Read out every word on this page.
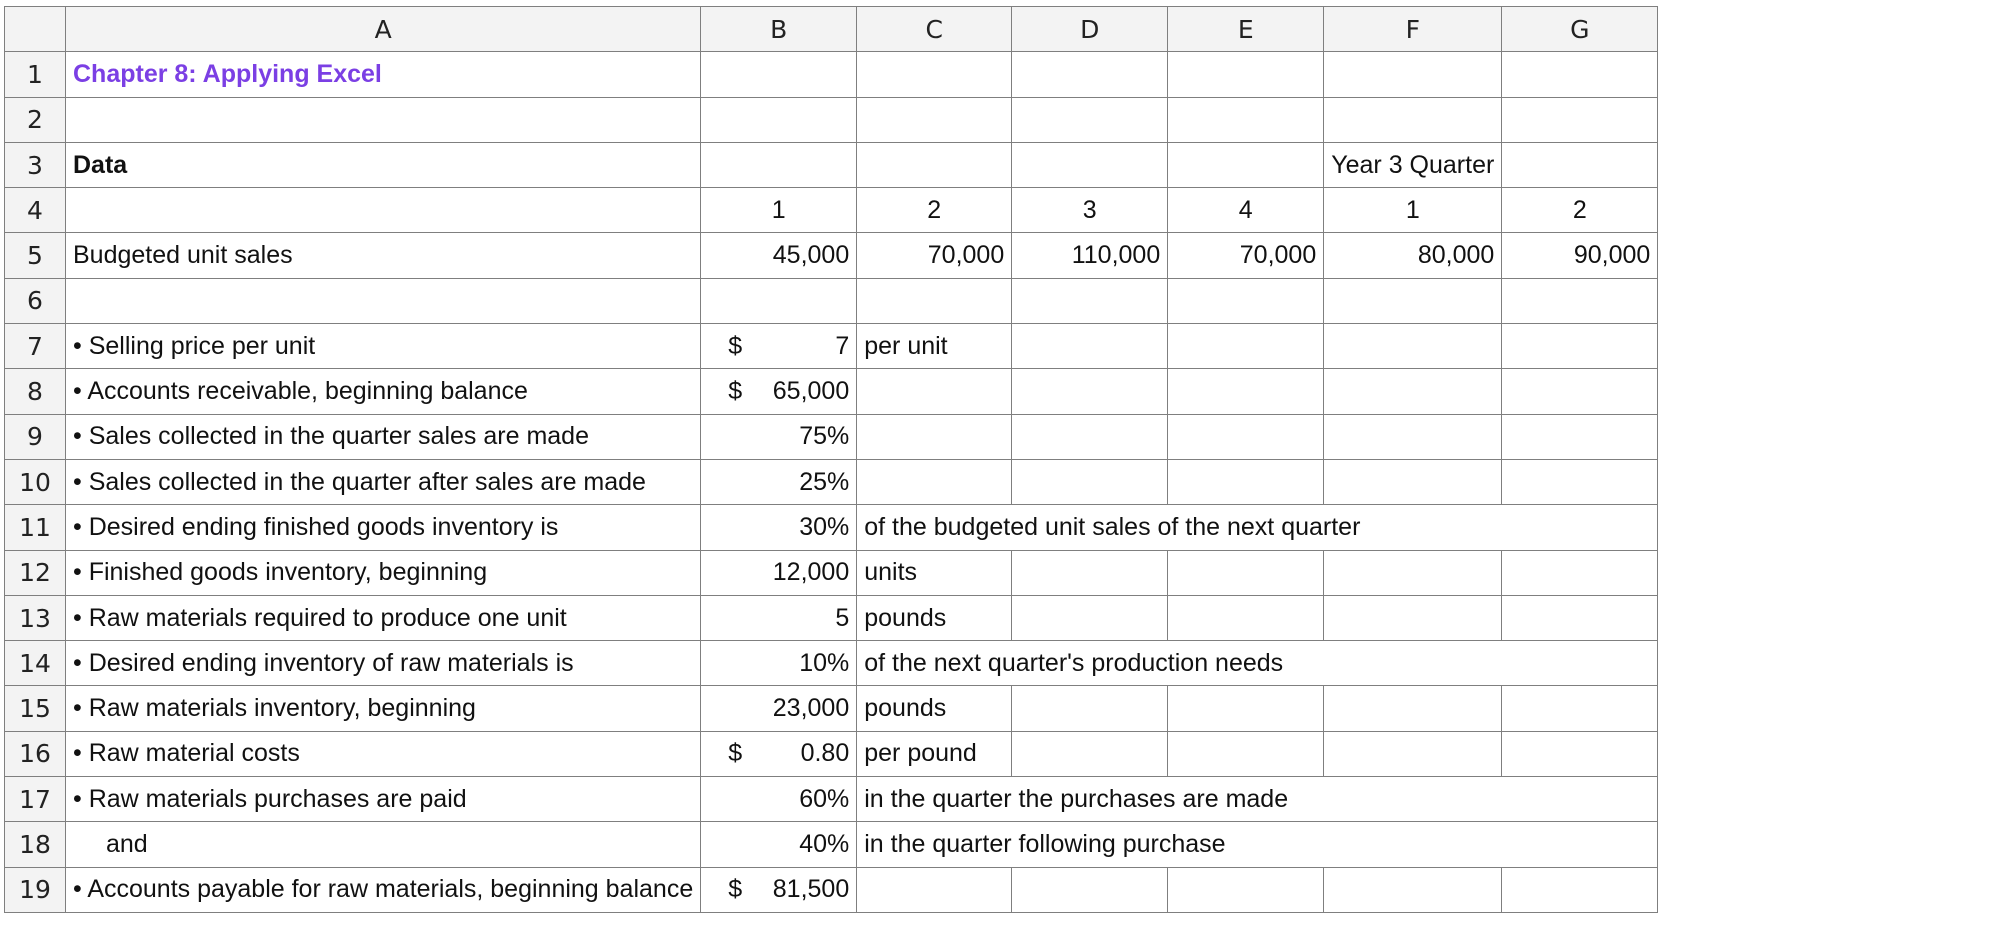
	A	B	C	D	E	F	G
1	Chapter 8: Applying Excel						
2							
3	Data					Year 3 Quarter	
4		1	2	3	4	1	2
5	Budgeted unit sales	45,000	70,000	110,000	70,000	80,000	90,000
6							
7	• Selling price per unit	$ 7	per unit				
8	• Accounts receivable, beginning balance	$ 65,000					

9	• Sales collected in the quarter sales are made	75%					
10	• Sales collected in the quarter after sales are made	25%					
11	• Desired ending finished goods inventory is	30%	of the budgeted unit sales of the next quarter				
12	• Finished goods inventory, beginning	12,000	units				
13	• Raw materials required to produce one unit	5	pounds				
14	• Desired ending inventory of raw materials is	10%	of the next quarter's production needs				
15	• Raw materials inventory, beginning	23,000	pounds				
16	• Raw material costs	$ 0.80	per pound				
17	• Raw materials purchases are paid	60%	in the quarter the purchases are made				
18	and	40%	in the quarter following purchase				
19	• Accounts payable for raw materials, beginning balance	$ 81,500					
